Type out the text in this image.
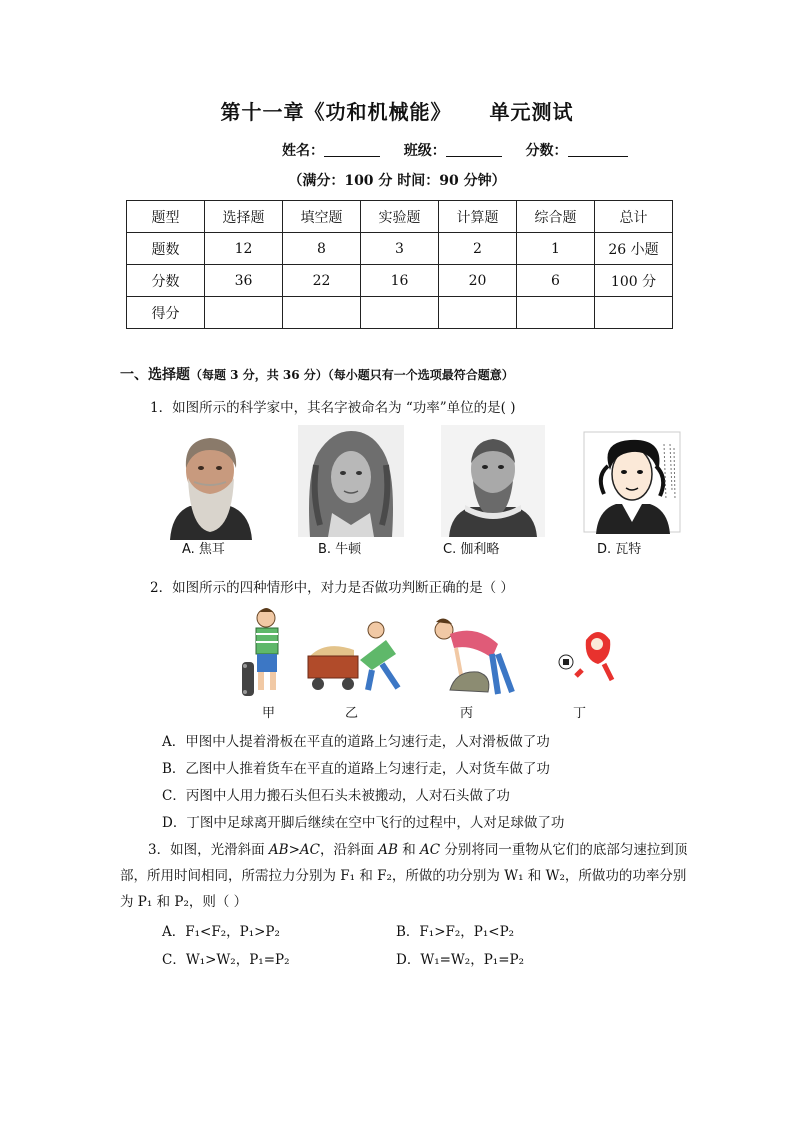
第十一章《功和机械能》 单元测试
姓名：	班级：	分数：
（满分：100 分 时间：90 分钟）
题型	选择题	填空题	实验题	计算题	综合题	总计
题数	12	8	3	2	1	26 小题
分数	36	22	16	20	6	100 分
得分						
一、选择题（每题 3 分，共 36 分）（每小题只有一个选项最符合题意）
1．如图所示的科学家中，其名字被命名为 “功率”单位的是( )
A. 焦耳	B. 牛顿	C. 伽利略	D. 瓦特
2．如图所示的四种情形中，对力是否做功判断正确的是（ ）
甲	乙	丙	丁
A．甲图中人提着滑板在平直的道路上匀速行走，人对滑板做了功
B．乙图中人推着货车在平直的道路上匀速行走，人对货车做了功
C．丙图中人用力搬石头但石头未被搬动，人对石头做了功
D．丁图中足球离开脚后继续在空中飞行的过程中，人对足球做了功
3．如图，光滑斜面 AB>AC，沿斜面 AB 和 AC 分别将同一重物从它们的底部匀速拉到顶
部，所用时间相同，所需拉力分别为 F₁ 和 F₂，所做的功分别为 W₁ 和 W₂，所做功的功率分别
为 P₁ 和 P₂，则（ ）
A．F₁<F₂，P₁>P₂	B．F₁>F₂，P₁<P₂
C．W₁>W₂，P₁=P₂	D．W₁=W₂，P₁=P₂
